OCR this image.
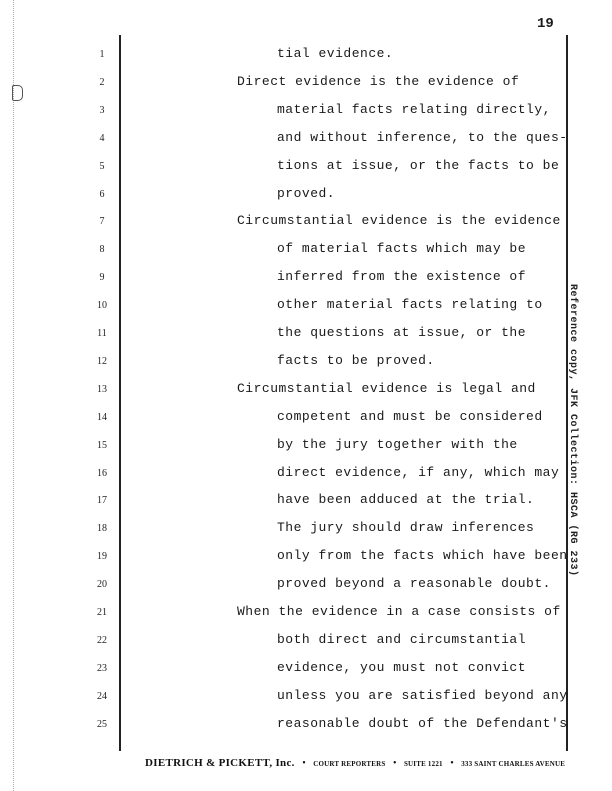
19
1	tial evidence.
2	Direct evidence is the evidence of
3	material facts relating directly,
4	and without inference, to the ques-
5	tions at issue, or the facts to be
6	proved.
7	Circumstantial evidence is the evidence
8	of material facts which may be
9	inferred from the existence of
10	other material facts relating to
11	the questions at issue, or the
12	facts to be proved.
13	Circumstantial evidence is legal and
14	competent and must be considered
15	by the jury together with the
16	direct evidence, if any, which may
17	have been adduced at the trial.
18	The jury should draw inferences
19	only from the facts which have been
20	proved beyond a reasonable doubt.
21	When the evidence in a case consists of
22	both direct and circumstantial
23	evidence, you must not convict
24	unless you are satisfied beyond any
25	reasonable doubt of the Defendant's
Reference copy, JFK Collection: HSCA (RG 233)
DIETRICH & PICKETT, Inc. • COURT REPORTERS • SUITE 1221 • 333 SAINT CHARLES AVENUE
